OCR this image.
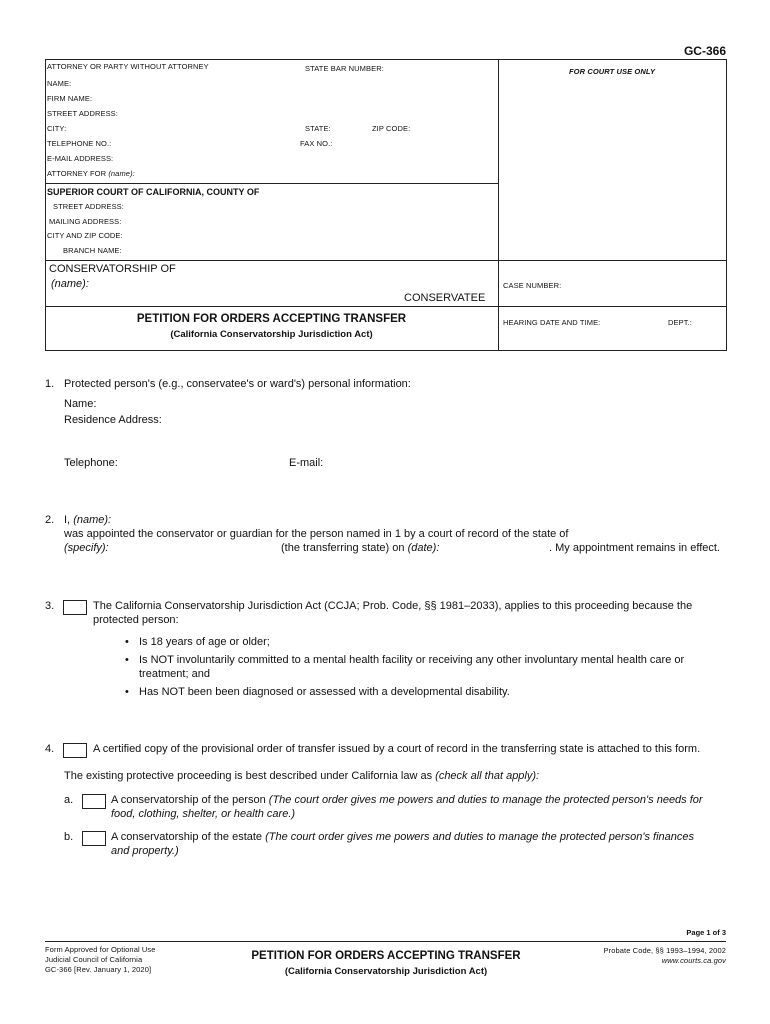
GC-366
ATTORNEY OR PARTY WITHOUT ATTORNEY	STATE BAR NUMBER:	FOR COURT USE ONLY
NAME:
FIRM NAME:
STREET ADDRESS:
CITY:	STATE:	ZIP CODE:
TELEPHONE NO.:	FAX NO.:
E-MAIL ADDRESS:
ATTORNEY FOR (name):
SUPERIOR COURT OF CALIFORNIA, COUNTY OF
STREET ADDRESS:
MAILING ADDRESS:
CITY AND ZIP CODE:
BRANCH NAME:
CONSERVATORSHIP OF
(name):
CONSERVATEE
CASE NUMBER:
PETITION FOR ORDERS ACCEPTING TRANSFER
(California Conservatorship Jurisdiction Act)
HEARING DATE AND TIME:	DEPT.:
1. Protected person's (e.g., conservatee's or ward's) personal information:
Name:
Residence Address:
Telephone:	E-mail:
2. I, (name):
was appointed the conservator or guardian for the person named in 1 by a court of record of the state of
(specify):	(the transferring state) on (date):	. My appointment remains in effect.
3.	The California Conservatorship Jurisdiction Act (CCJA; Prob. Code, §§ 1981–2033), applies to this proceeding because the
protected person:
• Is 18 years of age or older;
• Is NOT involuntarily committed to a mental health facility or receiving any other involuntary mental health care or
treatment; and
• Has NOT been been diagnosed or assessed with a developmental disability.
4.	A certified copy of the provisional order of transfer issued by a court of record in the transferring state is attached to this form.
The existing protective proceeding is best described under California law as (check all that apply):
a.	A conservatorship of the person (The court order gives me powers and duties to manage the protected person's needs for
food, clothing, shelter, or health care.)
b.	A conservatorship of the estate (The court order gives me powers and duties to manage the protected person's finances
and property.)
Page 1 of 3
Form Approved for Optional Use
Judicial Council of California
GC-366 [Rev. January 1, 2020]
PETITION FOR ORDERS ACCEPTING TRANSFER
(California Conservatorship Jurisdiction Act)
Probate Code, §§ 1993–1994, 2002
www.courts.ca.gov
